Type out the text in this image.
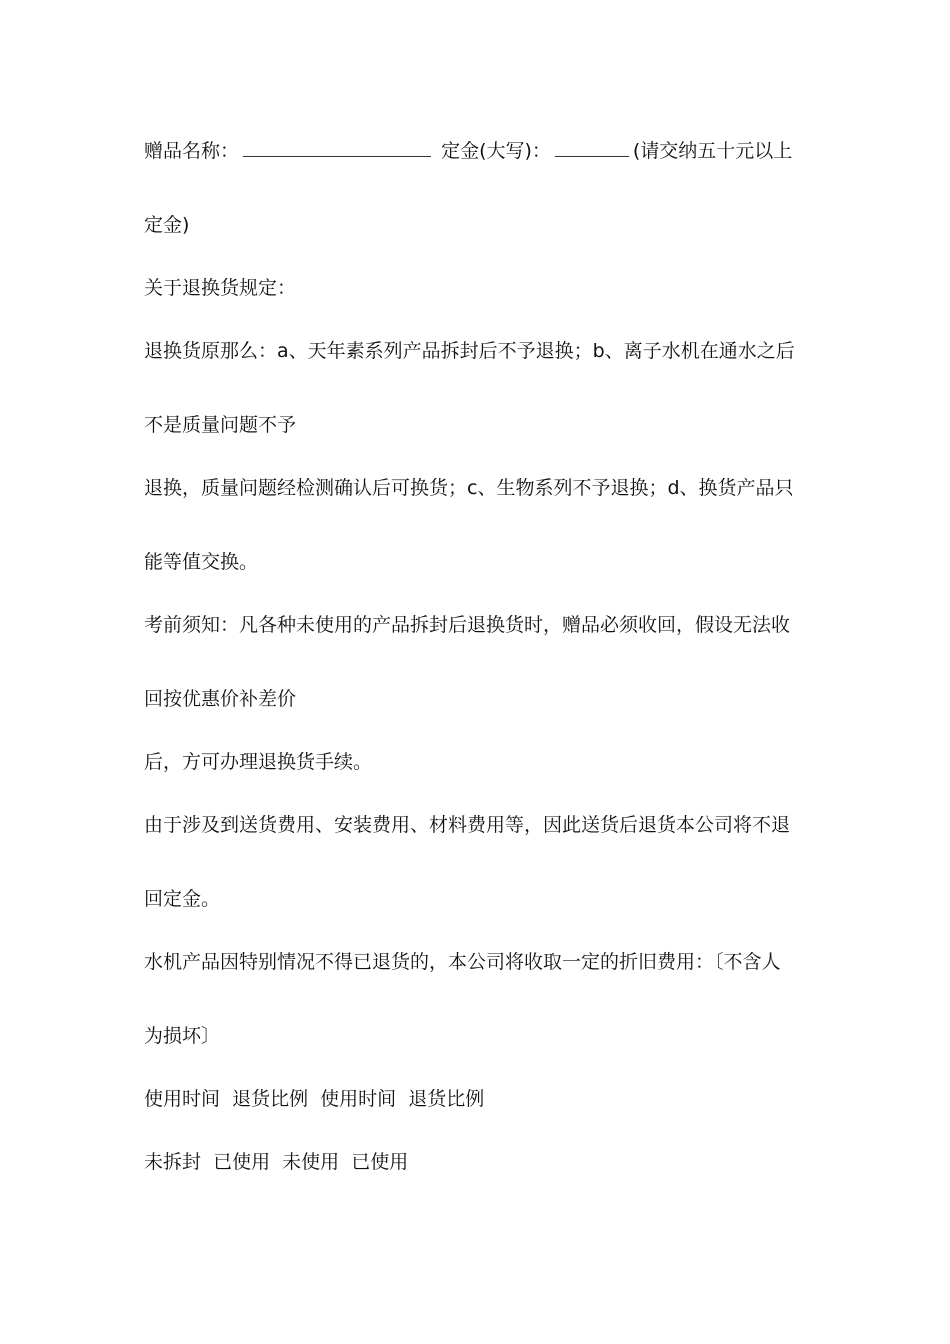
赠品名称：	定金(大写)：	(请交纳五十元以上
定金)
关于退换货规定：
退换货原那么：a、天年素系列产品拆封后不予退换；b、离子水机在通水之后
不是质量问题不予
退换，质量问题经检测确认后可换货；c、生物系列不予退换；d、换货产品只
能等值交换。
考前须知：凡各种未使用的产品拆封后退换货时，赠品必须收回，假设无法收
回按优惠价补差价
后，方可办理退换货手续。
由于涉及到送货费用、安装费用、材料费用等，因此送货后退货本公司将不退
回定金。
水机产品因特别情况不得已退货的，本公司将收取一定的折旧费用：〔不含人
为损坏〕
使用时间  退货比例  使用时间  退货比例
未拆封  已使用  未使用  已使用
